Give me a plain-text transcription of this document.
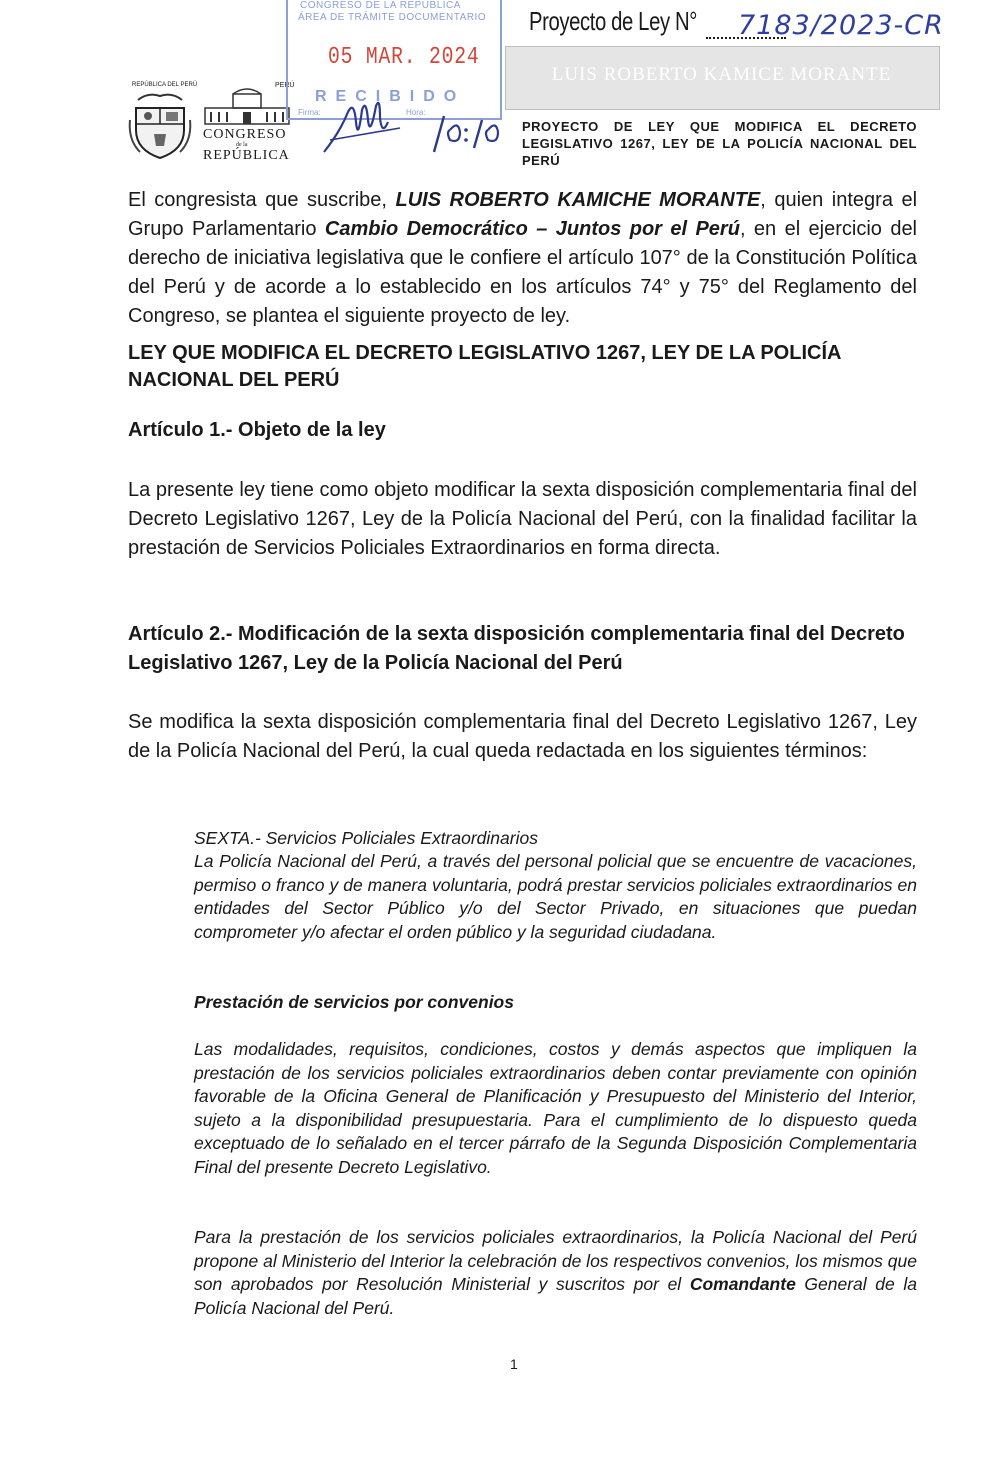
REPÚBLICA DEL PERÚ	PERÚ
CONGRESO
de la
REPÚBLICA
CONGRESO DE LA REPÚBLICA
ÁREA DE TRÁMITE DOCUMENTARIO
05 MAR. 2024
RECIBIDO
Firma:	Hora:
Proyecto de Ley N° 7183/2023-CR
LUIS ROBERTO KAMICE MORANTE
PROYECTO DE LEY QUE MODIFICA EL DECRETO LEGISLATIVO 1267, LEY DE LA POLICÍA NACIONAL DEL PERÚ
El congresista que suscribe, LUIS ROBERTO KAMICHE MORANTE, quien integra el Grupo Parlamentario Cambio Democrático – Juntos por el Perú, en el ejercicio del derecho de iniciativa legislativa que le confiere el artículo 107° de la Constitución Política del Perú y de acorde a lo establecido en los artículos 74° y 75° del Reglamento del Congreso, se plantea el siguiente proyecto de ley.
LEY QUE MODIFICA EL DECRETO LEGISLATIVO 1267, LEY DE LA POLICÍA NACIONAL DEL PERÚ
Artículo 1.- Objeto de la ley
La presente ley tiene como objeto modificar la sexta disposición complementaria final del Decreto Legislativo 1267, Ley de la Policía Nacional del Perú, con la finalidad facilitar la prestación de Servicios Policiales Extraordinarios en forma directa.
Artículo 2.- Modificación de la sexta disposición complementaria final del Decreto Legislativo 1267, Ley de la Policía Nacional del Perú
Se modifica la sexta disposición complementaria final del Decreto Legislativo 1267, Ley de la Policía Nacional del Perú, la cual queda redactada en los siguientes términos:
SEXTA.- Servicios Policiales Extraordinarios
La Policía Nacional del Perú, a través del personal policial que se encuentre de vacaciones, permiso o franco y de manera voluntaria, podrá prestar servicios policiales extraordinarios en entidades del Sector Público y/o del Sector Privado, en situaciones que puedan comprometer y/o afectar el orden público y la seguridad ciudadana.
Prestación de servicios por convenios
Las modalidades, requisitos, condiciones, costos y demás aspectos que impliquen la prestación de los servicios policiales extraordinarios deben contar previamente con opinión favorable de la Oficina General de Planificación y Presupuesto del Ministerio del Interior, sujeto a la disponibilidad presupuestaria. Para el cumplimiento de lo dispuesto queda exceptuado de lo señalado en el tercer párrafo de la Segunda Disposición Complementaria Final del presente Decreto Legislativo.
Para la prestación de los servicios policiales extraordinarios, la Policía Nacional del Perú propone al Ministerio del Interior la celebración de los respectivos convenios, los mismos que son aprobados por Resolución Ministerial y suscritos por el Comandante General de la Policía Nacional del Perú.
1
